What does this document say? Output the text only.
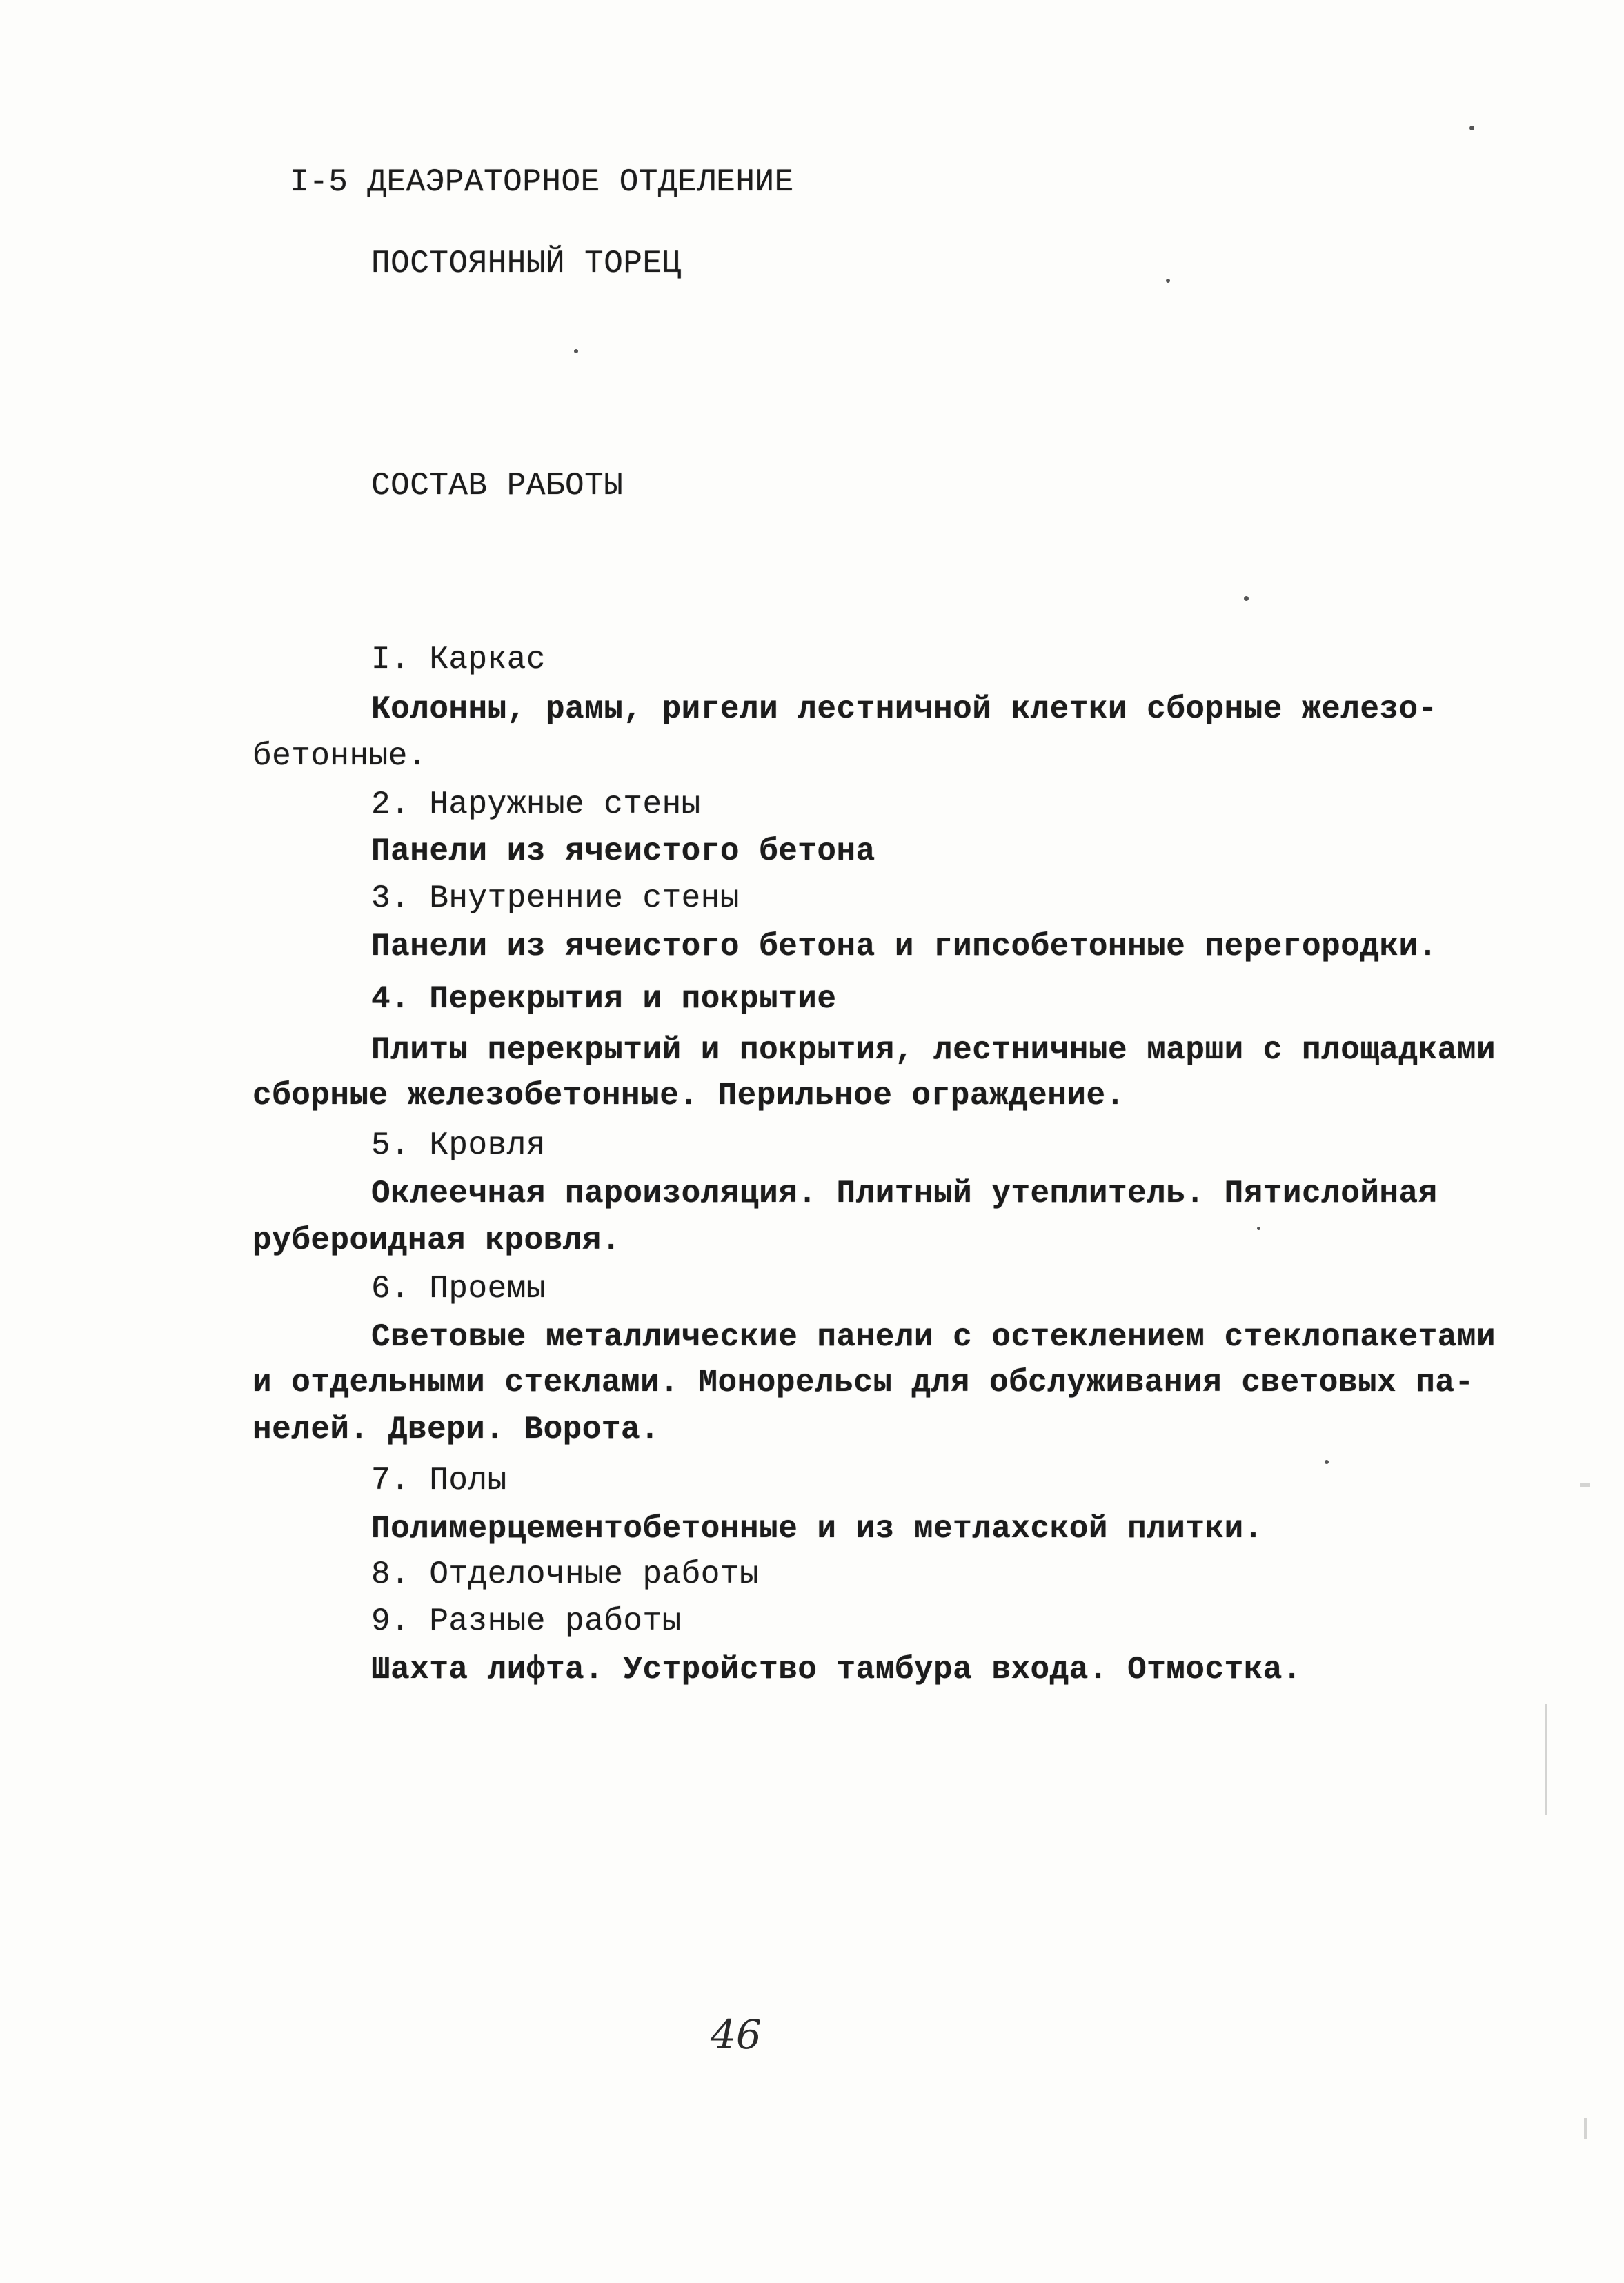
I-5 ДЕАЭРАТОРНОЕ ОТДЕЛЕНИЕ
ПОСТОЯННЫЙ ТОРЕЦ
СОСТАВ РАБОТЫ
I. Каркас
Колонны, рамы, ригели лестничной клетки сборные железо-
бетонные.
2. Наружные стены
Панели из ячеистого бетона
3. Внутренние стены
Панели из ячеистого бетона и гипсобетонные перегородки.
4. Перекрытия и покрытие
Плиты перекрытий и покрытия, лестничные марши с площадками
сборные железобетонные. Перильное ограждение.
5. Кровля
Оклеечная пароизоляция. Плитный утеплитель. Пятислойная
рубероидная кровля.
6. Проемы
Световые металлические панели с остеклением стеклопакетами
и отдельными стеклами. Монорельсы для обслуживания световых па-
нелей. Двери. Ворота.
7. Полы
Полимерцементобетонные и из метлахской плитки.
8. Отделочные работы
9. Разные работы
Шахта лифта. Устройство тамбура входа. Отмостка.
46
